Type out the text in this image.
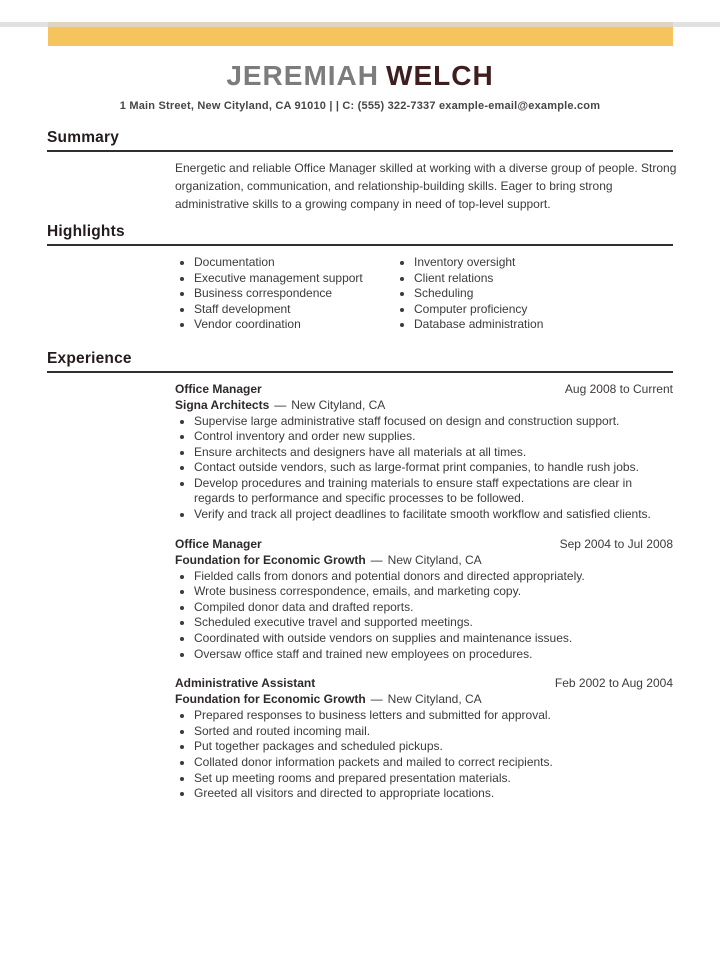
JEREMIAH WELCH
1 Main Street, New Cityland, CA 91010 | | C: (555) 322-7337 example-email@example.com
Summary
Energetic and reliable Office Manager skilled at working with a diverse group of people. Strong organization, communication, and relationship-building skills. Eager to bring strong administrative skills to a growing company in need of top-level support.
Highlights
• Documentation
• Executive management support
• Business correspondence
• Staff development
• Vendor coordination
• Inventory oversight
• Client relations
• Scheduling
• Computer proficiency
• Database administration
Experience
Office Manager	Aug 2008 to Current
Signa Architects — New Cityland, CA
• Supervise large administrative staff focused on design and construction support.
• Control inventory and order new supplies.
• Ensure architects and designers have all materials at all times.
• Contact outside vendors, such as large-format print companies, to handle rush jobs.
• Develop procedures and training materials to ensure staff expectations are clear in regards to performance and specific processes to be followed.
• Verify and track all project deadlines to facilitate smooth workflow and satisfied clients.
Office Manager	Sep 2004 to Jul 2008
Foundation for Economic Growth — New Cityland, CA
• Fielded calls from donors and potential donors and directed appropriately.
• Wrote business correspondence, emails, and marketing copy.
• Compiled donor data and drafted reports.
• Scheduled executive travel and supported meetings.
• Coordinated with outside vendors on supplies and maintenance issues.
• Oversaw office staff and trained new employees on procedures.
Administrative Assistant	Feb 2002 to Aug 2004
Foundation for Economic Growth — New Cityland, CA
• Prepared responses to business letters and submitted for approval.
• Sorted and routed incoming mail.
• Put together packages and scheduled pickups.
• Collated donor information packets and mailed to correct recipients.
• Set up meeting rooms and prepared presentation materials.
• Greeted all visitors and directed to appropriate locations.
